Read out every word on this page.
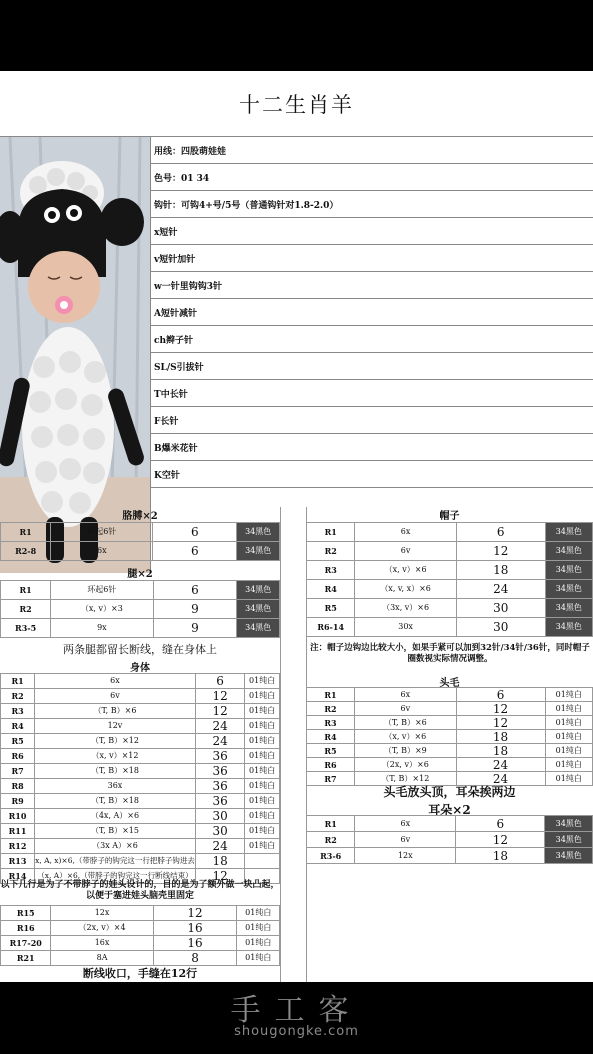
十二生肖羊
用线：四股萌娃娃
色号：01 34
钩针：可钩4+号/5号（普通钩针对1.8-2.0）
x短针
v短针加针
w一针里钩钩3针
A短针减针
ch辫子针
SL/S引拔针
T中长针
F长针
B爆米花针
K空针
胳膊×2
R1	环起6针	6	34黑色
R2-8	6x	6	34黑色
腿×2
R1	环起6针	6	34黑色
R2	（x, v）×3	9	34黑色
R3-5	9x	9	34黑色
两条腿都留长断线，缝在身体上
身体
R1	6x	6	01纯白
R2	6v	12	01纯白
R3	（T, B）×6	12	01纯白
R4	12v	24	01纯白
R5	（T, B）×12	24	01纯白
R6	（x, v）×12	36	01纯白
R7	（T, B）×18	36	01纯白
R8	36x	36	01纯白
R9	（T, B）×18	36	01纯白
R10	（4x, A）×6	30	01纯白
R11	（T, B）×15	30	01纯白
R12	（3x A）×6	24	01纯白
R13	x, A, x)×6,（带脖子的钩完这一行把脖子钩进去	18	
R14	（x, A）×6,（带脖子的钩完这一行断线结束）	12	
以下几行是为了不带脖子的娃头设计的，目的是为了额外做一块凸起，以便于塞进娃头脑壳里固定
R15	12x	12	01纯白
R16	（2x, v）×4	16	01纯白
R17-20	16x	16	01纯白
R21	8A	8	01纯白
断线收口，手缝在12行
帽子
R1	6x	6	34黑色
R2	6v	12	34黑色
R3	（x, v）×6	18	34黑色
R4	（x, v, x）×6	24	34黑色
R5	（3x, v）×6	30	34黑色
R6-14	30x	30	34黑色
注：帽子边钩边比较大小，如果手紧可以加到32针/34针/36针，同时帽子圈数视实际情况调整。
头毛
R1	6x	6	01纯白
R2	6v	12	01纯白
R3	（T, B）×6	12	01纯白
R4	（x, v）×6	18	01纯白
R5	（T, B）×9	18	01纯白
R6	（2x, v）×6	24	01纯白
R7	（T, B）×12	24	01纯白
头毛放头顶，耳朵挨两边
耳朵×2
R1	6x	6	34黑色
R2	6v	12	34黑色
R3-6	12x	18	34黑色
手工客
shougongke.com
